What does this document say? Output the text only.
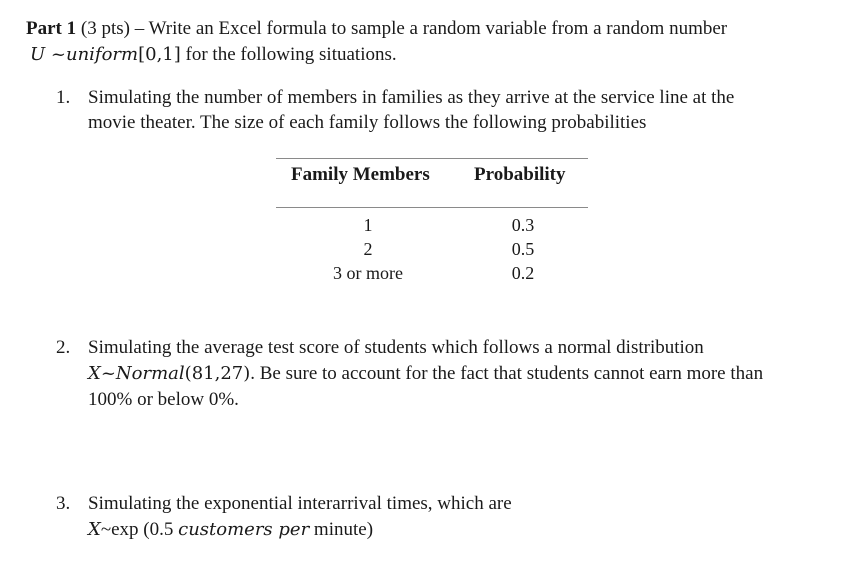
Part 1 (3 pts) – Write an Excel formula to sample a random variable from a random number
U ~uniform[0,1] for the following situations.
1. Simulating the number of members in families as they arrive at the service line at the
movie theater. The size of each family follows the following probabilities
Family Members Probability
1	0.3
2	0.5
3 or more	0.2
2. Simulating the average test score of students which follows a normal distribution
X~Normal(81,27). Be sure to account for the fact that students cannot earn more than
100% or below 0%.
3. Simulating the exponential interarrival times, which are
X~exp (0.5 customers per minute)
